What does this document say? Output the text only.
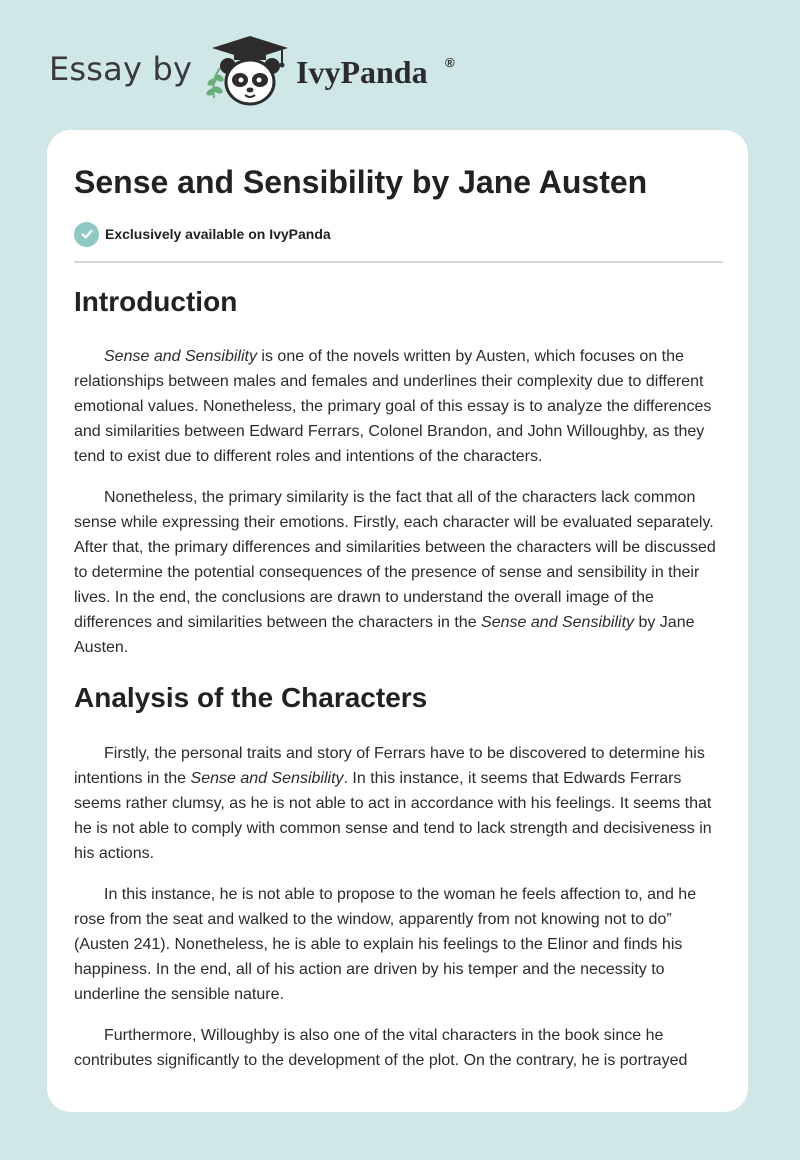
Essay by	IvyPanda ®
Sense and Sensibility by Jane Austen
Exclusively available on IvyPanda
Introduction

Sense and Sensibility is one of the novels written by Austen, which focuses on the relationships between males and females and underlines their complexity due to different emotional values. Nonetheless, the primary goal of this essay is to analyze the differences and similarities between Edward Ferrars, Colonel Brandon, and John Willoughby, as they tend to exist due to different roles and intentions of the characters.

Nonetheless, the primary similarity is the fact that all of the characters lack common sense while expressing their emotions. Firstly, each character will be evaluated separately. After that, the primary differences and similarities between the characters will be discussed to determine the potential consequences of the presence of sense and sensibility in their lives. In the end, the conclusions are drawn to understand the overall image of the differences and similarities between the characters in the Sense and Sensibility by Jane Austen.

Analysis of the Characters

Firstly, the personal traits and story of Ferrars have to be discovered to determine his intentions in the Sense and Sensibility. In this instance, it seems that Edwards Ferrars seems rather clumsy, as he is not able to act in accordance with his feelings. It seems that he is not able to comply with common sense and tend to lack strength and decisiveness in his actions.

In this instance, he is not able to propose to the woman he feels affection to, and he rose from the seat and walked to the window, apparently from not knowing not to do” (Austen 241). Nonetheless, he is able to explain his feelings to the Elinor and finds his happiness. In the end, all of his action are driven by his temper and the necessity to underline the sensible nature.

Furthermore, Willoughby is also one of the vital characters in the book since he contributes significantly to the development of the plot. On the contrary, he is portrayed
